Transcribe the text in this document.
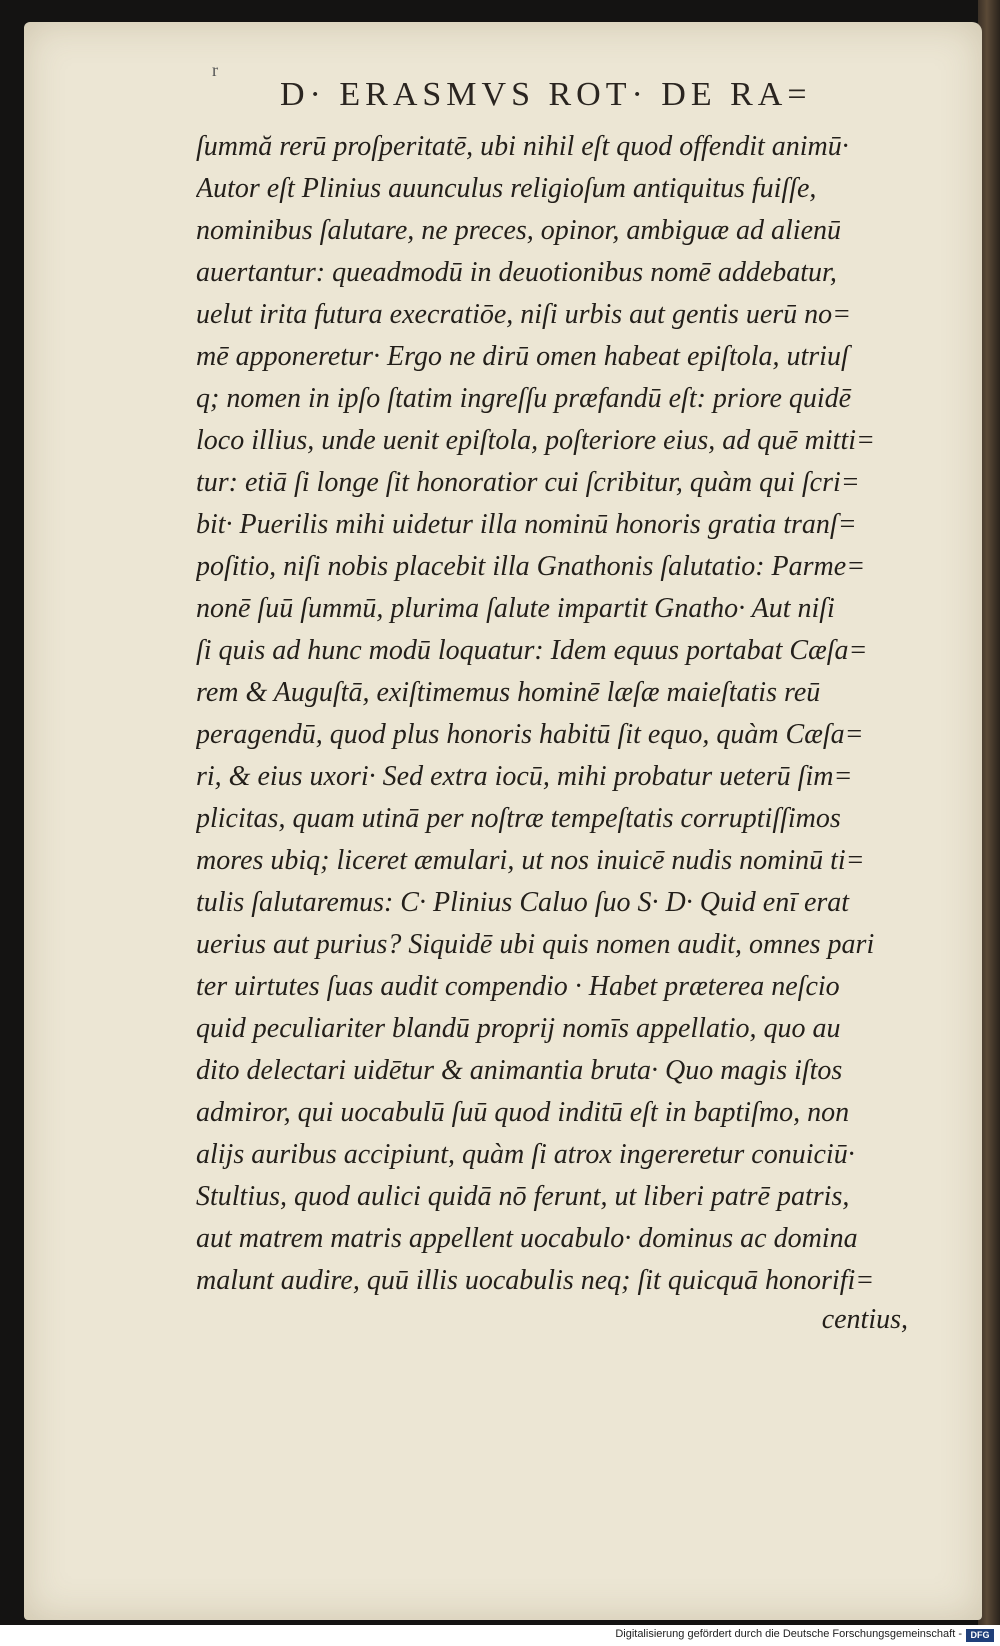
r
D· ERASMVS ROT· DE RA=
ſummă rerū proſperitatē, ubi nihil eſt quod offendit animū·
Autor eſt Plinius auunculus religioſum antiquitus fuiſſe,
nominibus ſalutare, ne preces, opinor, ambiguæ ad alienū
auertantur: queadmodū in deuotionibus nomē addebatur,
uelut irita futura execratiōe, niſi urbis aut gentis uerū no=
mē apponeretur· Ergo ne dirū omen habeat epiſtola, utriuſ
q; nomen in ipſo ſtatim ingreſſu præfandū eſt: priore quidē
loco illius, unde uenit epiſtola, poſteriore eius, ad quē mitti=
tur: etiā ſi longe ſit honoratior cui ſcribitur, quàm qui ſcri=
bit· Puerilis mihi uidetur illa nominū honoris gratia tranſ=
poſitio, niſi nobis placebit illa Gnathonis ſalutatio: Parme=
nonē ſuū ſummū, plurima ſalute impartit Gnatho· Aut niſi
ſi quis ad hunc modū loquatur: Idem equus portabat Cæſa=
rem & Auguſtā, exiſtimemus hominē læſæ maieſtatis reū
peragendū, quod plus honoris habitū ſit equo, quàm Cæſa=
ri, & eius uxori· Sed extra iocū, mihi probatur ueterū ſim=
plicitas, quam utinā per noſtræ tempeſtatis corruptiſſimos
mores ubiq; liceret æmulari, ut nos inuicē nudis nominū ti=
tulis ſalutaremus: C· Plinius Caluo ſuo S· D· Quid enī erat
uerius aut purius? Siquidē ubi quis nomen audit, omnes pari
ter uirtutes ſuas audit compendio · Habet præterea neſcio
quid peculiariter blandū proprij nomīs appellatio, quo au
dito delectari uidētur & animantia bruta· Quo magis iſtos
admiror, qui uocabulū ſuū quod inditū eſt in baptiſmo, non
alijs auribus accipiunt, quàm ſi atrox ingereretur conuiciū·
Stultius, quod aulici quidā nō ferunt, ut liberi patrē patris,
aut matrem matris appellent uocabulo· dominus ac domina
malunt audire, quū illis uocabulis neq; ſit quicquā honorifi=
centius,
Digitalisierung gefördert durch die Deutsche Forschungsgemeinschaft - DFG
